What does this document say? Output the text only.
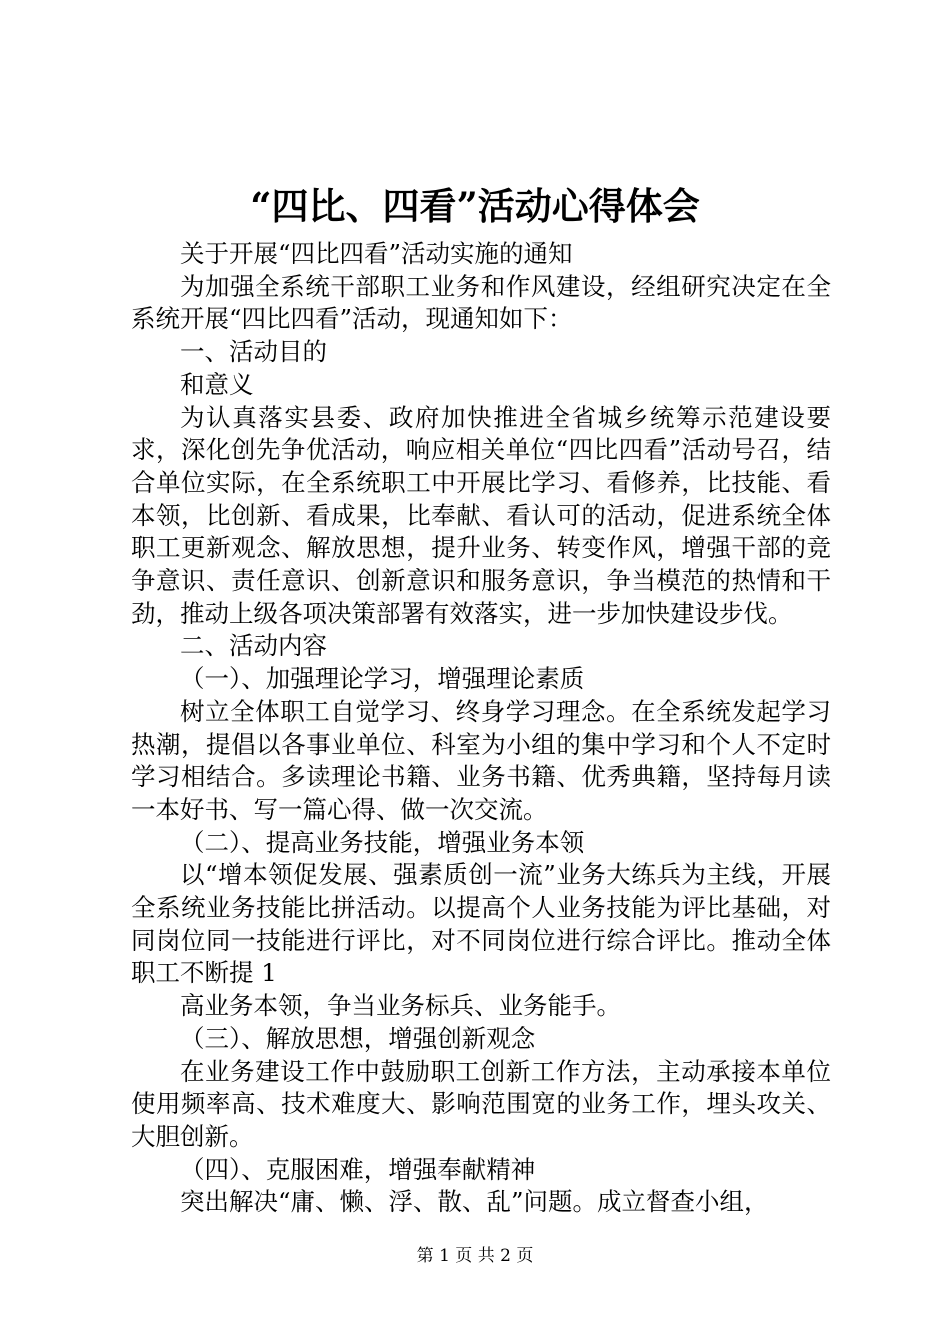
“四比、四看”活动心得体会

关于开展“四比四看”活动实施的通知

为加强全系统干部职工业务和作风建设，经组研究决定在全系统开展“四比四看”活动，现通知如下：

一、活动目的

和意义

为认真落实县委、政府加快推进全省城乡统筹示范建设要求，深化创先争优活动，响应相关单位“四比四看”活动号召，结合单位实际，在全系统职工中开展比学习、看修养，比技能、看本领，比创新、看成果，比奉献、看认可的活动，促进系统全体职工更新观念、解放思想，提升业务、转变作风，增强干部的竞争意识、责任意识、创新意识和服务意识，争当模范的热情和干劲，推动上级各项决策部署有效落实，进一步加快建设步伐。

二、活动内容

（一）、加强理论学习，增强理论素质

树立全体职工自觉学习、终身学习理念。在全系统发起学习热潮，提倡以各事业单位、科室为小组的集中学习和个人不定时学习相结合。多读理论书籍、业务书籍、优秀典籍，坚持每月读一本好书、写一篇心得、做一次交流。

（二）、提高业务技能，增强业务本领

以“增本领促发展、强素质创一流”业务大练兵为主线，开展全系统业务技能比拼活动。以提高个人业务技能为评比基础，对同岗位同一技能进行评比，对不同岗位进行综合评比。推动全体职工不断提 1

高业务本领，争当业务标兵、业务能手。

（三）、解放思想，增强创新观念

在业务建设工作中鼓励职工创新工作方法，主动承接本单位使用频率高、技术难度大、影响范围宽的业务工作，埋头攻关、大胆创新。

（四）、克服困难，增强奉献精神

突出解决“庸、懒、浮、散、乱”问题。成立督查小组，

第 1 页 共 2 页
